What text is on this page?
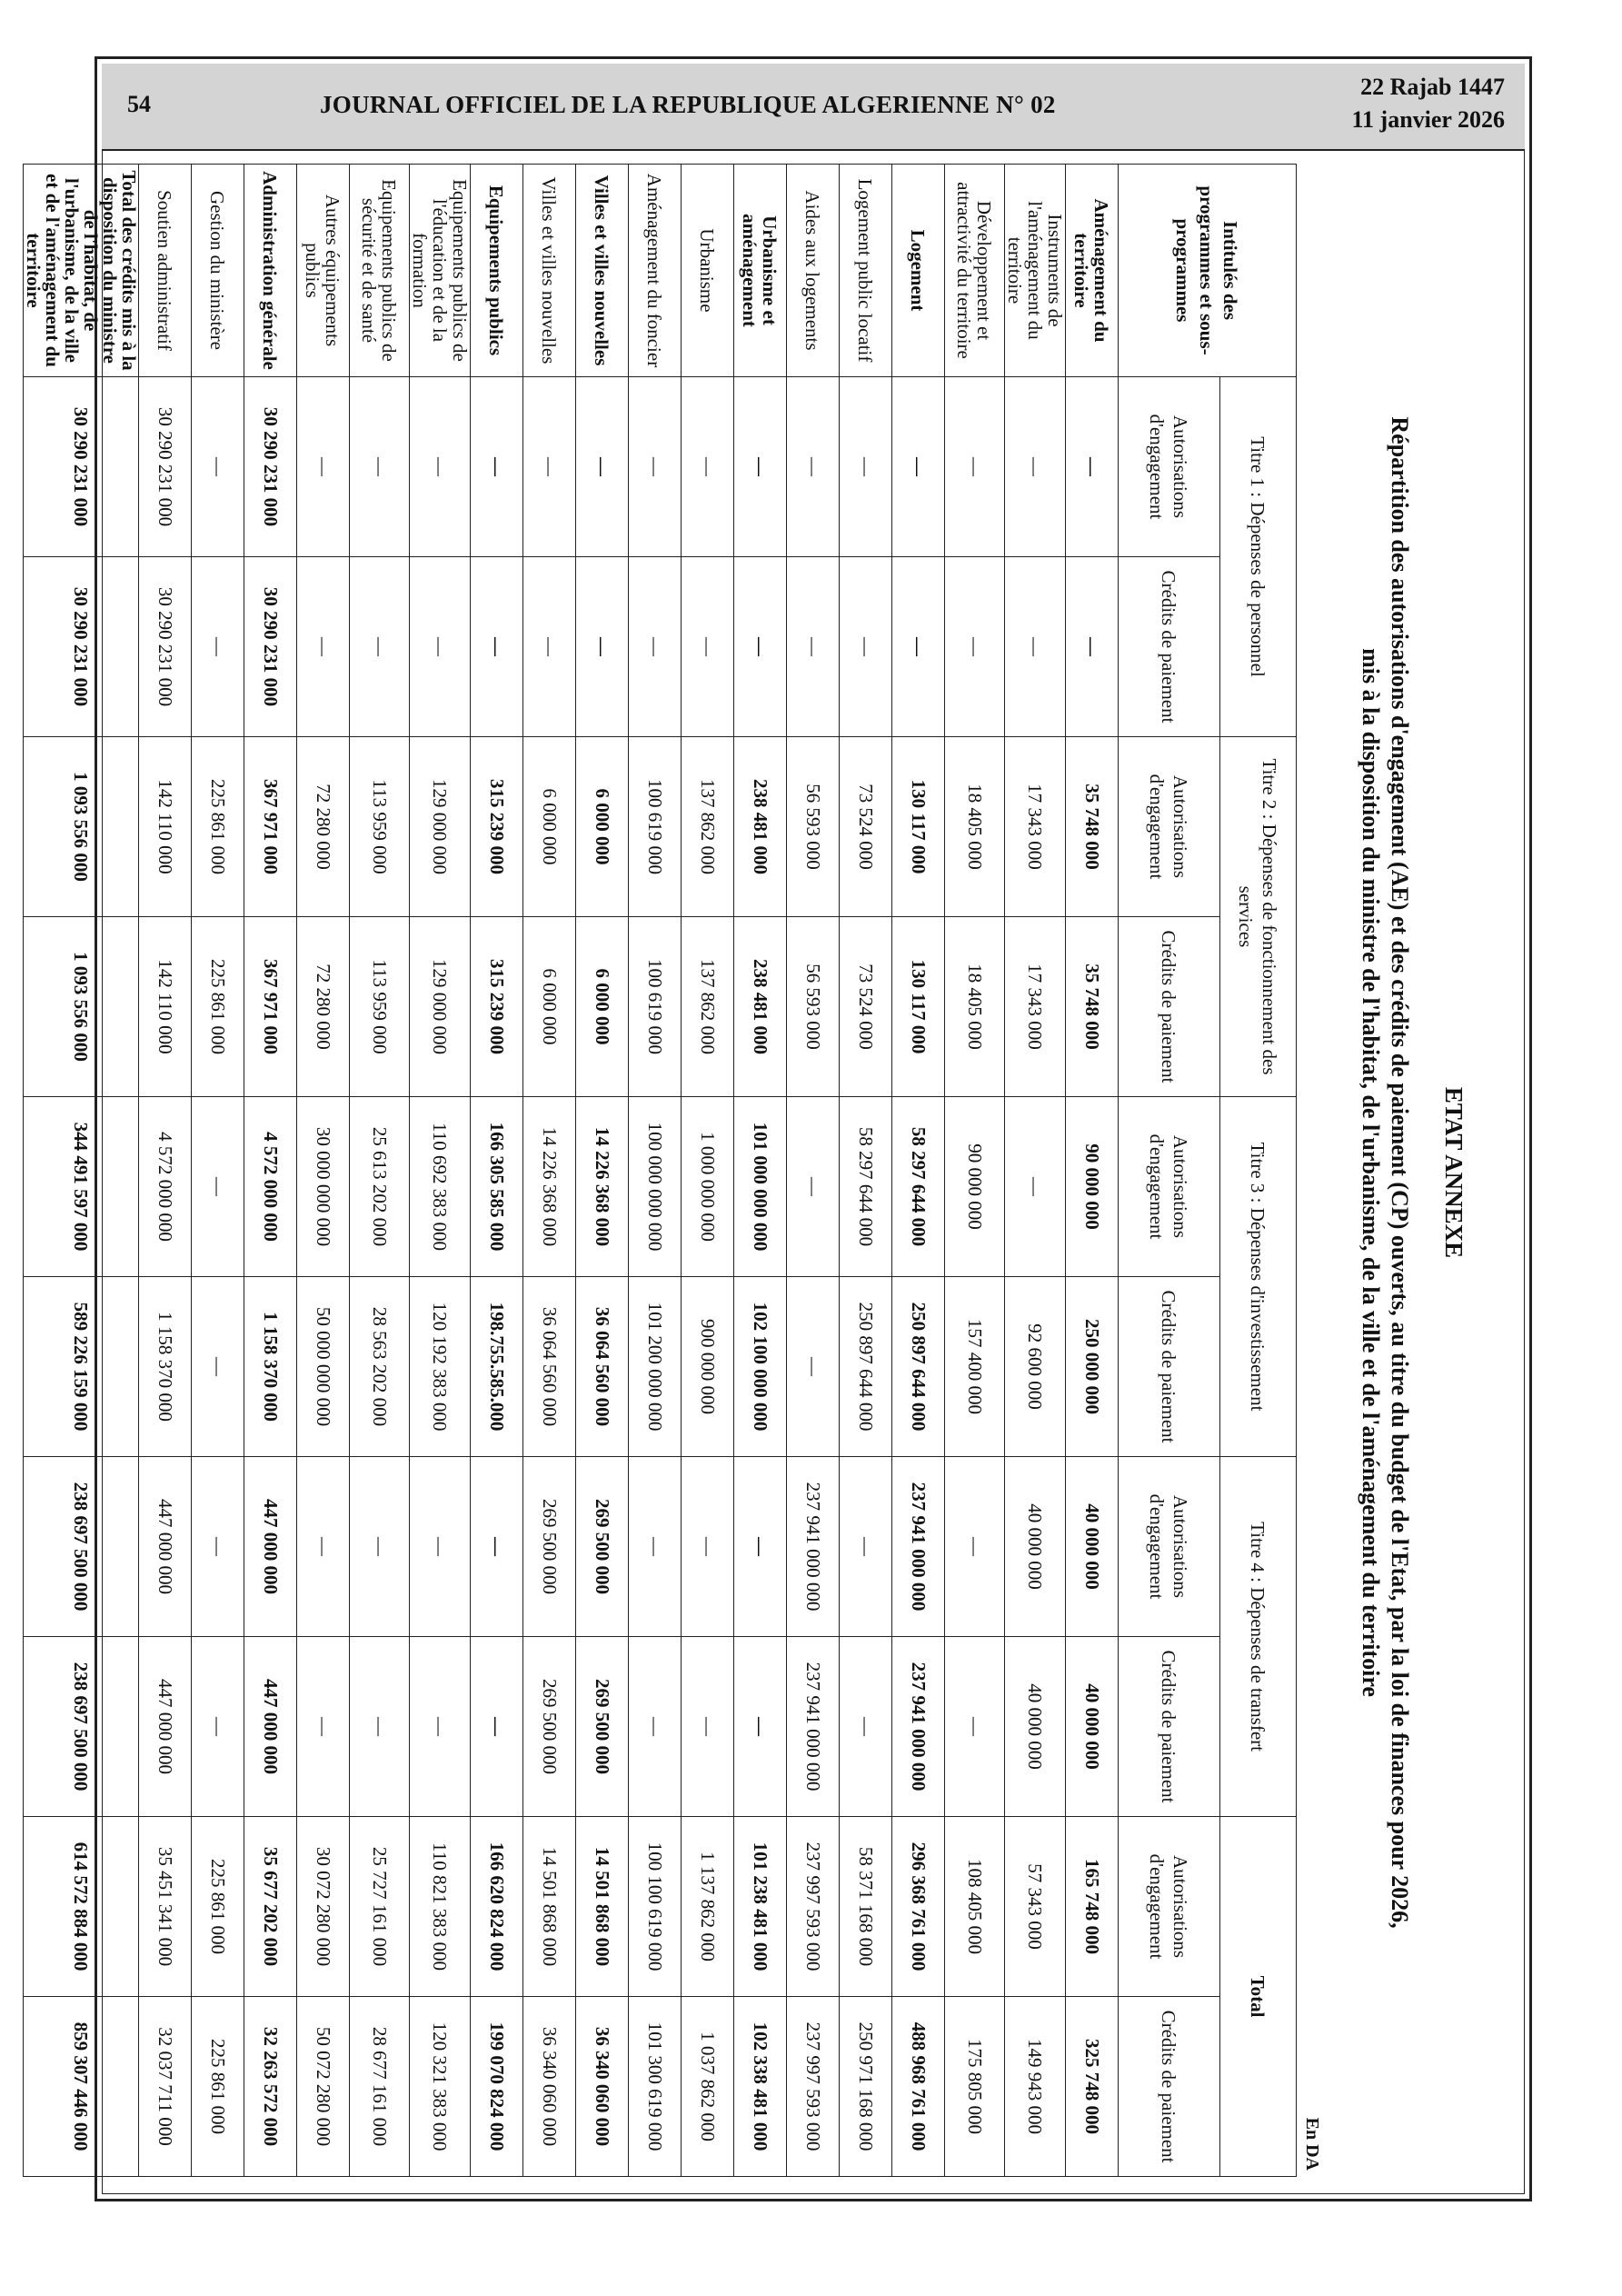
54	JOURNAL OFFICIEL DE LA REPUBLIQUE ALGERIENNE N° 02
22 Rajab 1447
11 janvier 2026
ETAT ANNEXE
Répartition des autorisations d'engagement (AE) et des crédits de paiement (CP) ouverts, au titre du budget de l'Etat, par la loi de finances pour 2026,
mis à la disposition du ministre de l'habitat, de l'urbanisme, de la ville et de l'aménagement du territoire
En DA
Intitulés des programmes et sous-programmes	Titre 1 : Dépenses de personnel		Titre 2 : Dépenses de fonctionnement des services		Titre 3 : Dépenses d'investissement		Titre 4 : Dépenses de transfert		Total	
	Autorisations d'engagement	Crédits de paiement	Autorisations d'engagement	Crédits de paiement	Autorisations d'engagement	Crédits de paiement	Autorisations d'engagement	Crédits de paiement	Autorisations d'engagement	Crédits de paiement
Aménagement du territoire	—	—	35 748 000	35 748 000	90 000 000	250 000 000	40 000 000	40 000 000	165 748 000	325 748 000
Instruments de l'aménagement du territoire	—	—	17 343 000	17 343 000	—	92 600 000	40 000 000	40 000 000	57 343 000	149 943 000
Développement et attractivité du territoire	—	—	18 405 000	18 405 000	90 000 000	157 400 000	—	—	108 405 000	175 805 000
Logement	—	—	130 117 000	130 117 000	58 297 644 000	250 897 644 000	237 941 000 000	237 941 000 000	296 368 761 000	488 968 761 000
Logement public locatif	—	—	73 524 000	73 524 000	58 297 644 000	250 897 644 000	—	—	58 371 168 000	250 971 168 000
Aides aux logements	—	—	56 593 000	56 593 000	—	—	237 941 000 000	237 941 000 000	237 997 593 000	237 997 593 000
Urbanisme et aménagement	—	—	238 481 000	238 481 000	101 000 000 000	102 100 000 000	—	—	101 238 481 000	102 338 481 000
Urbanisme	—	—	137 862 000	137 862 000	1 000 000 000	900 000 000	—	—	1 137 862 000	1 037 862 000
Aménagement du foncier	—	—	100 619 000	100 619 000	100 000 000 000	101 200 000 000	—	—	100 100 619 000	101 300 619 000
Villes et villes nouvelles	—	—	6 000 000	6 000 000	14 226 368 000	36 064 560 000	269 500 000	269 500 000	14 501 868 000	36 340 060 000
Villes et villes nouvelles	—	—	6 000 000	6 000 000	14 226 368 000	36 064 560 000	269 500 000	269 500 000	14 501 868 000	36 340 060 000
Equipements publics	—	—	315 239 000	315 239 000	166 305 585 000	198.755.585.000	—	—	166 620 824 000	199 070 824 000
Equipements publics de l'éducation et de la formation	—	—	129 000 000	129 000 000	110 692 383 000	120 192 383 000	—	—	110 821 383 000	120 321 383 000
Equipements publics de sécurité et de santé	—	—	113 959 000	113 959 000	25 613 202 000	28 563 202 000	—	—	25 727 161 000	28 677 161 000
Autres équipements publics	—	—	72 280 000	72 280 000	30 000 000 000	50 000 000 000	—	—	30 072 280 000	50 072 280 000
Administration générale	30 290 231 000	30 290 231 000	367 971 000	367 971 000	4 572 000 000	1 158 370 000	447 000 000	447 000 000	35 677 202 000	32 263 572 000
Gestion du ministère	—	—	225 861 000	225 861 000	—	—	—	—	225 861 000	225 861 000
Soutien administratif	30 290 231 000	30 290 231 000	142 110 000	142 110 000	4 572 000 000	1 158 370 000	447 000 000	447 000 000	35 451 341 000	32 037 711 000
Total des crédits mis à la disposition du ministre de l'habitat, de l'urbanisme, de la ville et de l'aménagement du territoire	30 290 231 000	30 290 231 000	1 093 556 000	1 093 556 000	344 491 597 000	589 226 159 000	238 697 500 000	238 697 500 000	614 572 884 000	859 307 446 000
